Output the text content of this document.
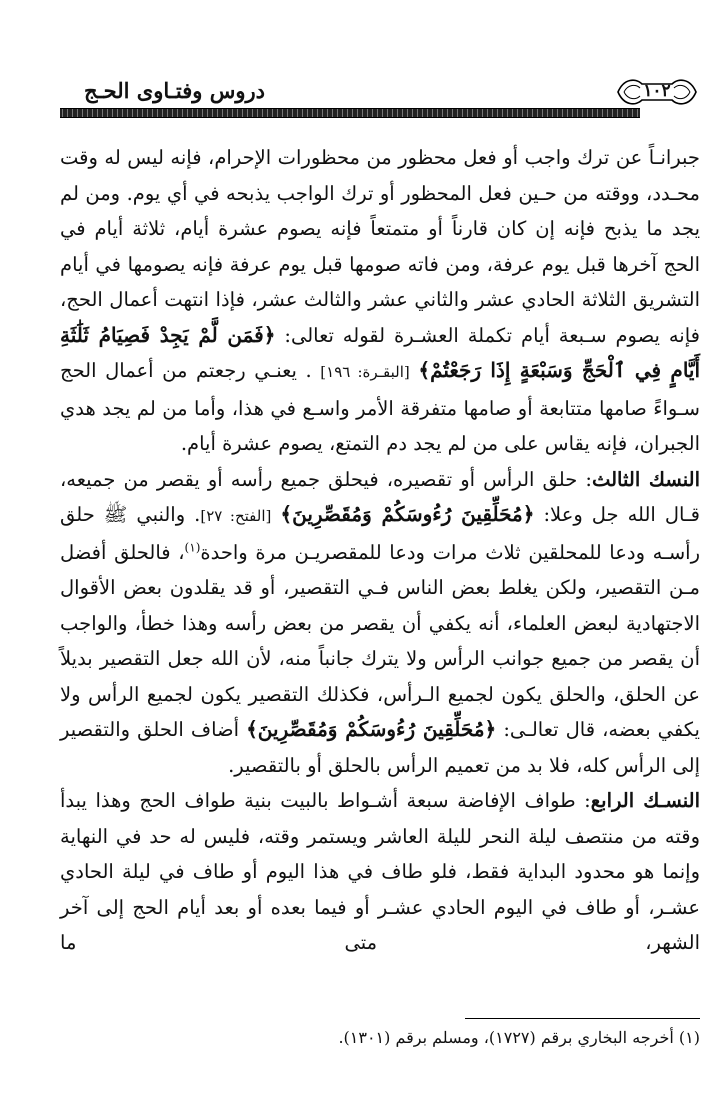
دروس وفتـاوى الحـج	١٠٢

جبرانـاً عن ترك واجب أو فعل محظور من محظورات الإحرام، فإنه ليس له وقت محـدد، ووقته من حـين فعل المحظور أو ترك الواجب يذبحه في أي يوم. ومن لم يجد ما يذبح فإنه إن كان قارناً أو متمتعاً فإنه يصوم عشرة أيام، ثلاثة أيام في الحج آخرها قبل يوم عرفة، ومن فاته صومها قبل يوم عرفة فإنه يصومها في أيام التشريق الثلاثة الحادي عشر والثاني عشر والثالث عشر، فإذا انتهت أعمال الحج، فإنه يصوم سـبعة أيام تكملة العشـرة لقوله تعالى: ﴿فَمَن لَّمْ يَجِدْ فَصِيَامُ ثَلَٰثَةِ أَيَّامٍ فِي ٱلْحَجِّ وَسَبْعَةٍ إِذَا رَجَعْتُمْ﴾ [البقـرة: ١٩٦] . يعنـي رجعتم من أعمال الحج سـواءً صامها متتابعة أو صامها متفرقة الأمر واسـع في هذا، وأما من لم يجد هدي الجبران، فإنه يقاس على من لم يجد دم التمتع، يصوم عشرة أيام.

النسك الثالث: حلق الرأس أو تقصيره، فيحلق جميع رأسه أو يقصر من جميعه، قـال الله جل وعلا: ﴿مُحَلِّقِينَ رُءُوسَكُمْ وَمُقَصِّرِينَ﴾ [الفتح: ٢٧]. والنبي ﷺ حلق رأسـه ودعا للمحلقين ثلاث مرات ودعا للمقصريـن مرة واحدة$^{(١)}$، فالحلق أفضل مـن التقصير، ولكن يغلط بعض الناس فـي التقصير، أو قد يقلدون بعض الأقوال الاجتهادية لبعض العلماء، أنه يكفي أن يقصر من بعض رأسه وهذا خطأ، والواجب أن يقصر من جميع جوانب الرأس ولا يترك جانباً منه، لأن الله جعل التقصير بديلاً عن الحلق، والحلق يكون لجميع الـرأس، فكذلك التقصير يكون لجميع الرأس ولا يكفي بعضه، قال تعالـى: ﴿مُحَلِّقِينَ رُءُوسَكُمْ وَمُقَصِّرِينَ﴾ أضاف الحلق والتقصير إلى الرأس كله، فلا بد من تعميم الرأس بالحلق أو بالتقصير.

النسـك الرابع: طواف الإفاضة سبعة أشـواط بالبيت بنية طواف الحج وهذا يبدأ وقته من منتصف ليلة النحر لليلة العاشر ويستمر وقته، فليس له حد في النهاية وإنما هو محدود البداية فقط، فلو طاف في هذا اليوم أو طاف في ليلة الحادي عشـر، أو طاف في اليوم الحادي عشـر أو فيما بعده أو بعد أيام الحج إلى آخر الشهر، متى ما

(١) أخرجه البخاري برقم (١٧٢٧)، ومسلم برقم (١٣٠١).
